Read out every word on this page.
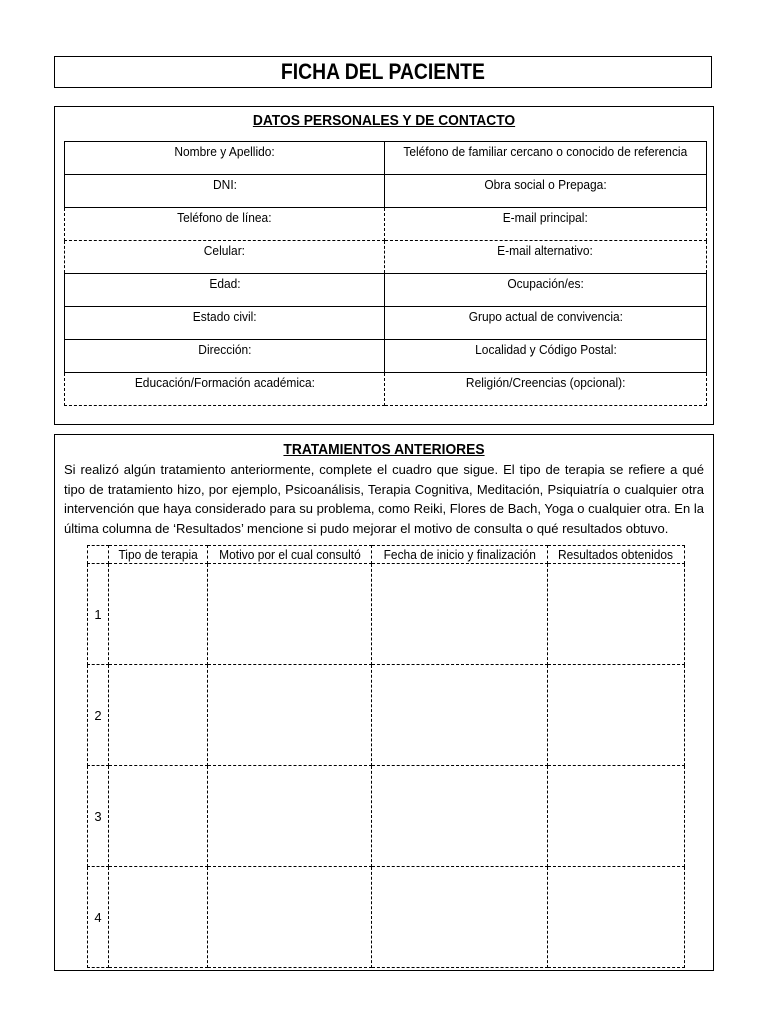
FICHA DEL PACIENTE
DATOS PERSONALES Y DE CONTACTO
Nombre y Apellido:	Teléfono de familiar cercano o conocido de referencia
DNI:	Obra social o Prepaga:
Teléfono de línea:	E-mail principal:
Celular:	E-mail alternativo:
Edad:	Ocupación/es:
Estado civil:	Grupo actual de convivencia:
Dirección:	Localidad y Código Postal:
Educación/Formación académica:	Religión/Creencias (opcional):
TRATAMIENTOS ANTERIORES
Si realizó algún tratamiento anteriormente, complete el cuadro que sigue. El tipo de terapia se refiere a qué tipo de tratamiento hizo, por ejemplo, Psicoanálisis, Terapia Cognitiva, Meditación, Psiquiatría o cualquier otra intervención que haya considerado para su problema, como Reiki, Flores de Bach, Yoga o cualquier otra. En la última columna de ‘Resultados’ mencione si pudo mejorar el motivo de consulta o qué resultados obtuvo.
	Tipo de terapia	Motivo por el cual consultó	Fecha de inicio y finalización	Resultados obtenidos
1				
2				
3				
4				
